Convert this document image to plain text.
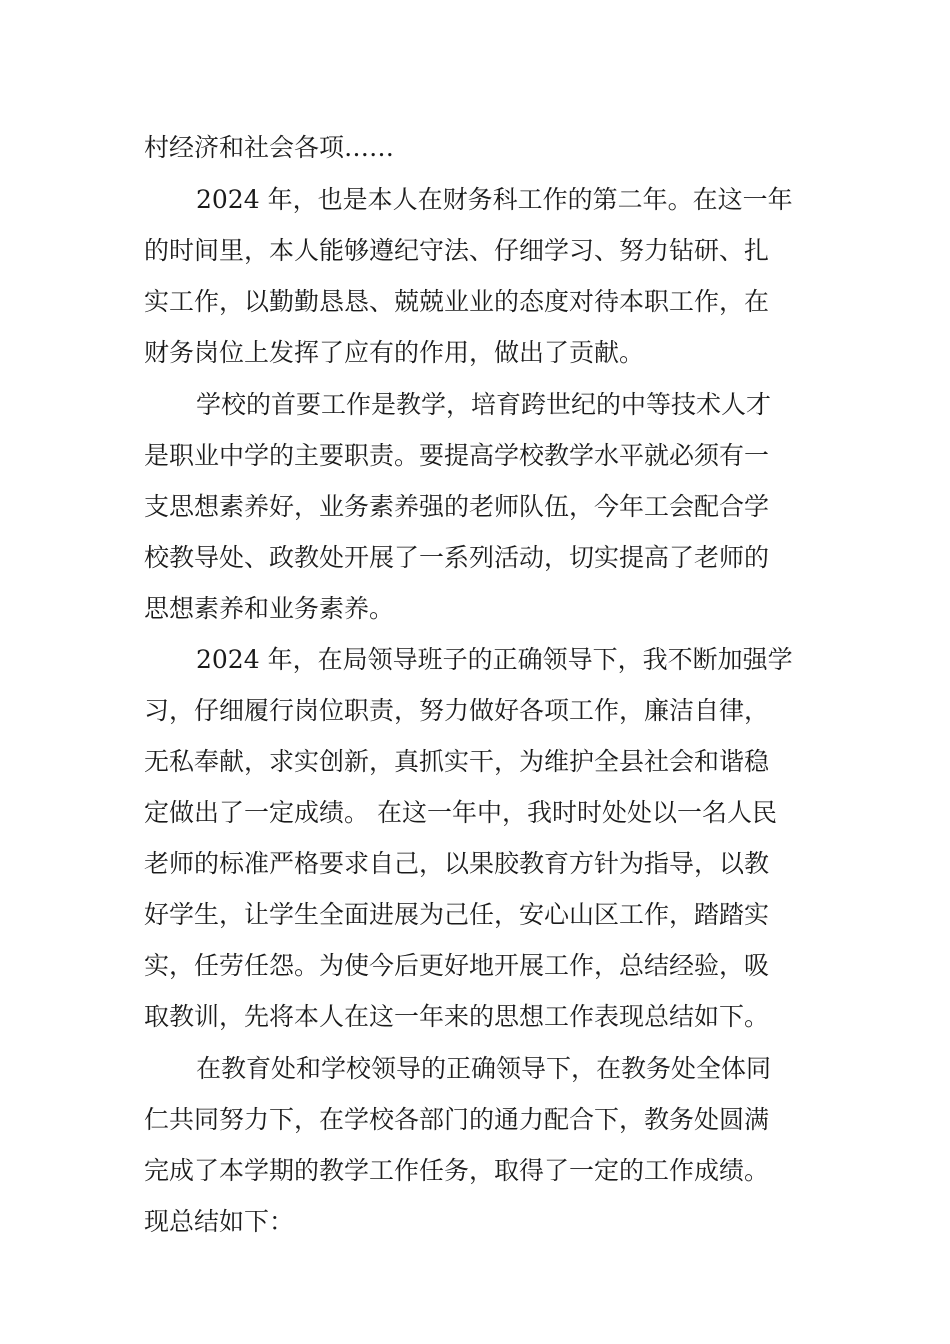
村经济和社会各项……
2024 年，也是本人在财务科工作的第二年。在这一年
的时间里，本人能够遵纪守法、仔细学习、努力钻研、扎
实工作，以勤勤恳恳、兢兢业业的态度对待本职工作，在
财务岗位上发挥了应有的作用，做出了贡献。
学校的首要工作是教学，培育跨世纪的中等技术人才
是职业中学的主要职责。要提高学校教学水平就必须有一
支思想素养好，业务素养强的老师队伍，今年工会配合学
校教导处、政教处开展了一系列活动，切实提高了老师的
思想素养和业务素养。
2024 年，在局领导班子的正确领导下，我不断加强学
习，仔细履行岗位职责，努力做好各项工作，廉洁自律，
无私奉献，求实创新，真抓实干，为维护全县社会和谐稳
定做出了一定成绩。 在这一年中，我时时处处以一名人民
老师的标准严格要求自己，以果胶教育方针为指导，以教
好学生，让学生全面进展为己任，安心山区工作，踏踏实
实，任劳任怨。为使今后更好地开展工作，总结经验，吸
取教训，先将本人在这一年来的思想工作表现总结如下。
在教育处和学校领导的正确领导下，在教务处全体同
仁共同努力下，在学校各部门的通力配合下，教务处圆满
完成了本学期的教学工作任务，取得了一定的工作成绩。
现总结如下：
